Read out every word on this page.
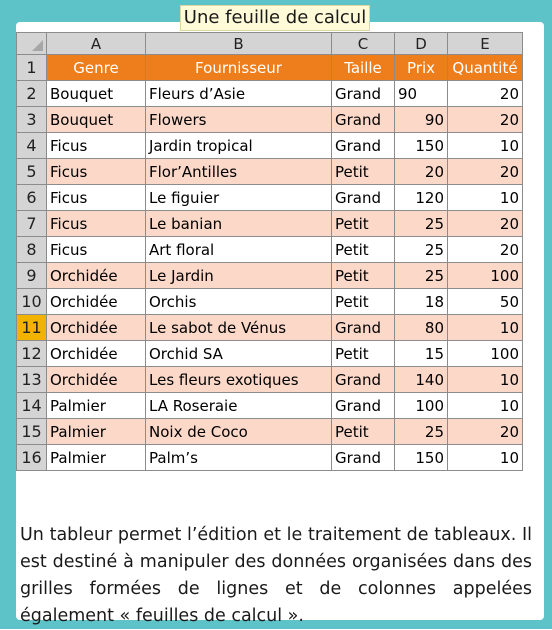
Une feuille de calcul
	A	B	C	D	E
1	Genre	Fournisseur	Taille	Prix	Quantité
2	Bouquet	Fleurs d’Asie	Grand	90	20
3	Bouquet	Flowers	Grand	90	20
4	Ficus	Jardin tropical	Grand	150	10
5	Ficus	Flor’Antilles	Petit	20	20
6	Ficus	Le figuier	Grand	120	10
7	Ficus	Le banian	Petit	25	20
8	Ficus	Art floral	Petit	25	20
9	Orchidée	Le Jardin	Petit	25	100
10	Orchidée	Orchis	Petit	18	50
11	Orchidée	Le sabot de Vénus	Grand	80	10
12	Orchidée	Orchid SA	Petit	15	100
13	Orchidée	Les fleurs exotiques	Grand	140	10
14	Palmier	LA Roseraie	Grand	100	10
15	Palmier	Noix de Coco	Petit	25	20
16	Palmier	Palm’s	Grand	150	10

Un tableur permet l’édition et le traitement de tableaux. Il est destiné à manipuler des données organisées dans des grilles formées de lignes et de colonnes appelées également « feuilles de calcul ».
